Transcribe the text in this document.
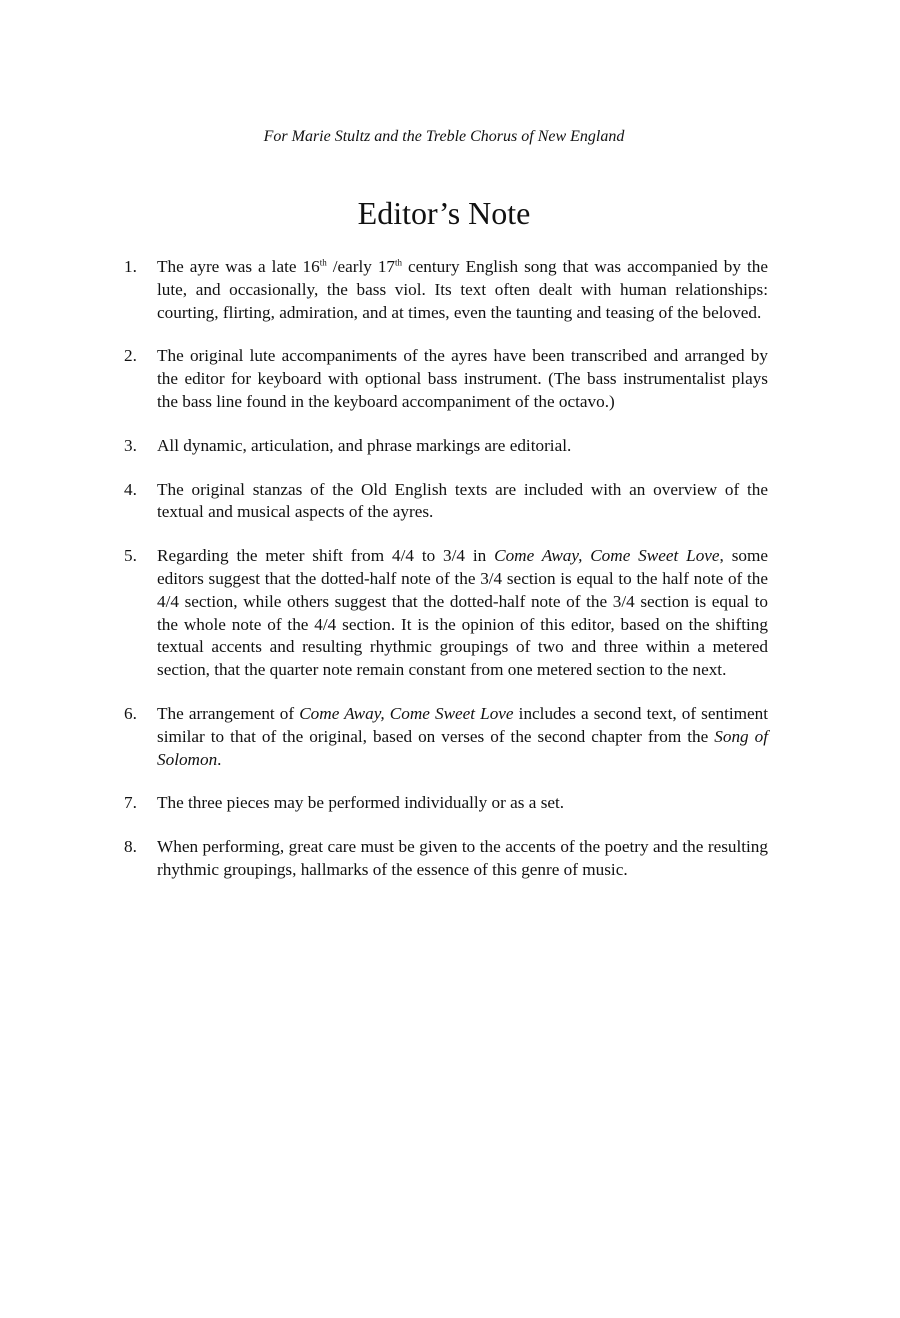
For Marie Stultz and the Treble Chorus of New England
Editor’s Note
1. The ayre was a late 16th /early 17th century English song that was accompanied by the lute, and occasionally, the bass viol. Its text often dealt with human relationships: courting, flirting, admiration, and at times, even the taunting and teasing of the beloved.
2. The original lute accompaniments of the ayres have been transcribed and arranged by the editor for keyboard with optional bass instrument. (The bass instrumentalist plays the bass line found in the keyboard accompaniment of the octavo.)
3. All dynamic, articulation, and phrase markings are editorial.
4. The original stanzas of the Old English texts are included with an overview of the textual and musical aspects of the ayres.
5. Regarding the meter shift from 4/4 to 3/4 in Come Away, Come Sweet Love, some editors suggest that the dotted-half note of the 3/4 section is equal to the half note of the 4/4 section, while others suggest that the dotted-half note of the 3/4 section is equal to the whole note of the 4/4 section. It is the opinion of this editor, based on the shifting textual accents and resulting rhythmic groupings of two and three within a metered section, that the quarter note remain constant from one metered section to the next.
6. The arrangement of Come Away, Come Sweet Love includes a second text, of sentiment similar to that of the original, based on verses of the second chapter from the Song of Solomon.
7. The three pieces may be performed individually or as a set.
8. When performing, great care must be given to the accents of the poetry and the resulting rhythmic groupings, hallmarks of the essence of this genre of music.
